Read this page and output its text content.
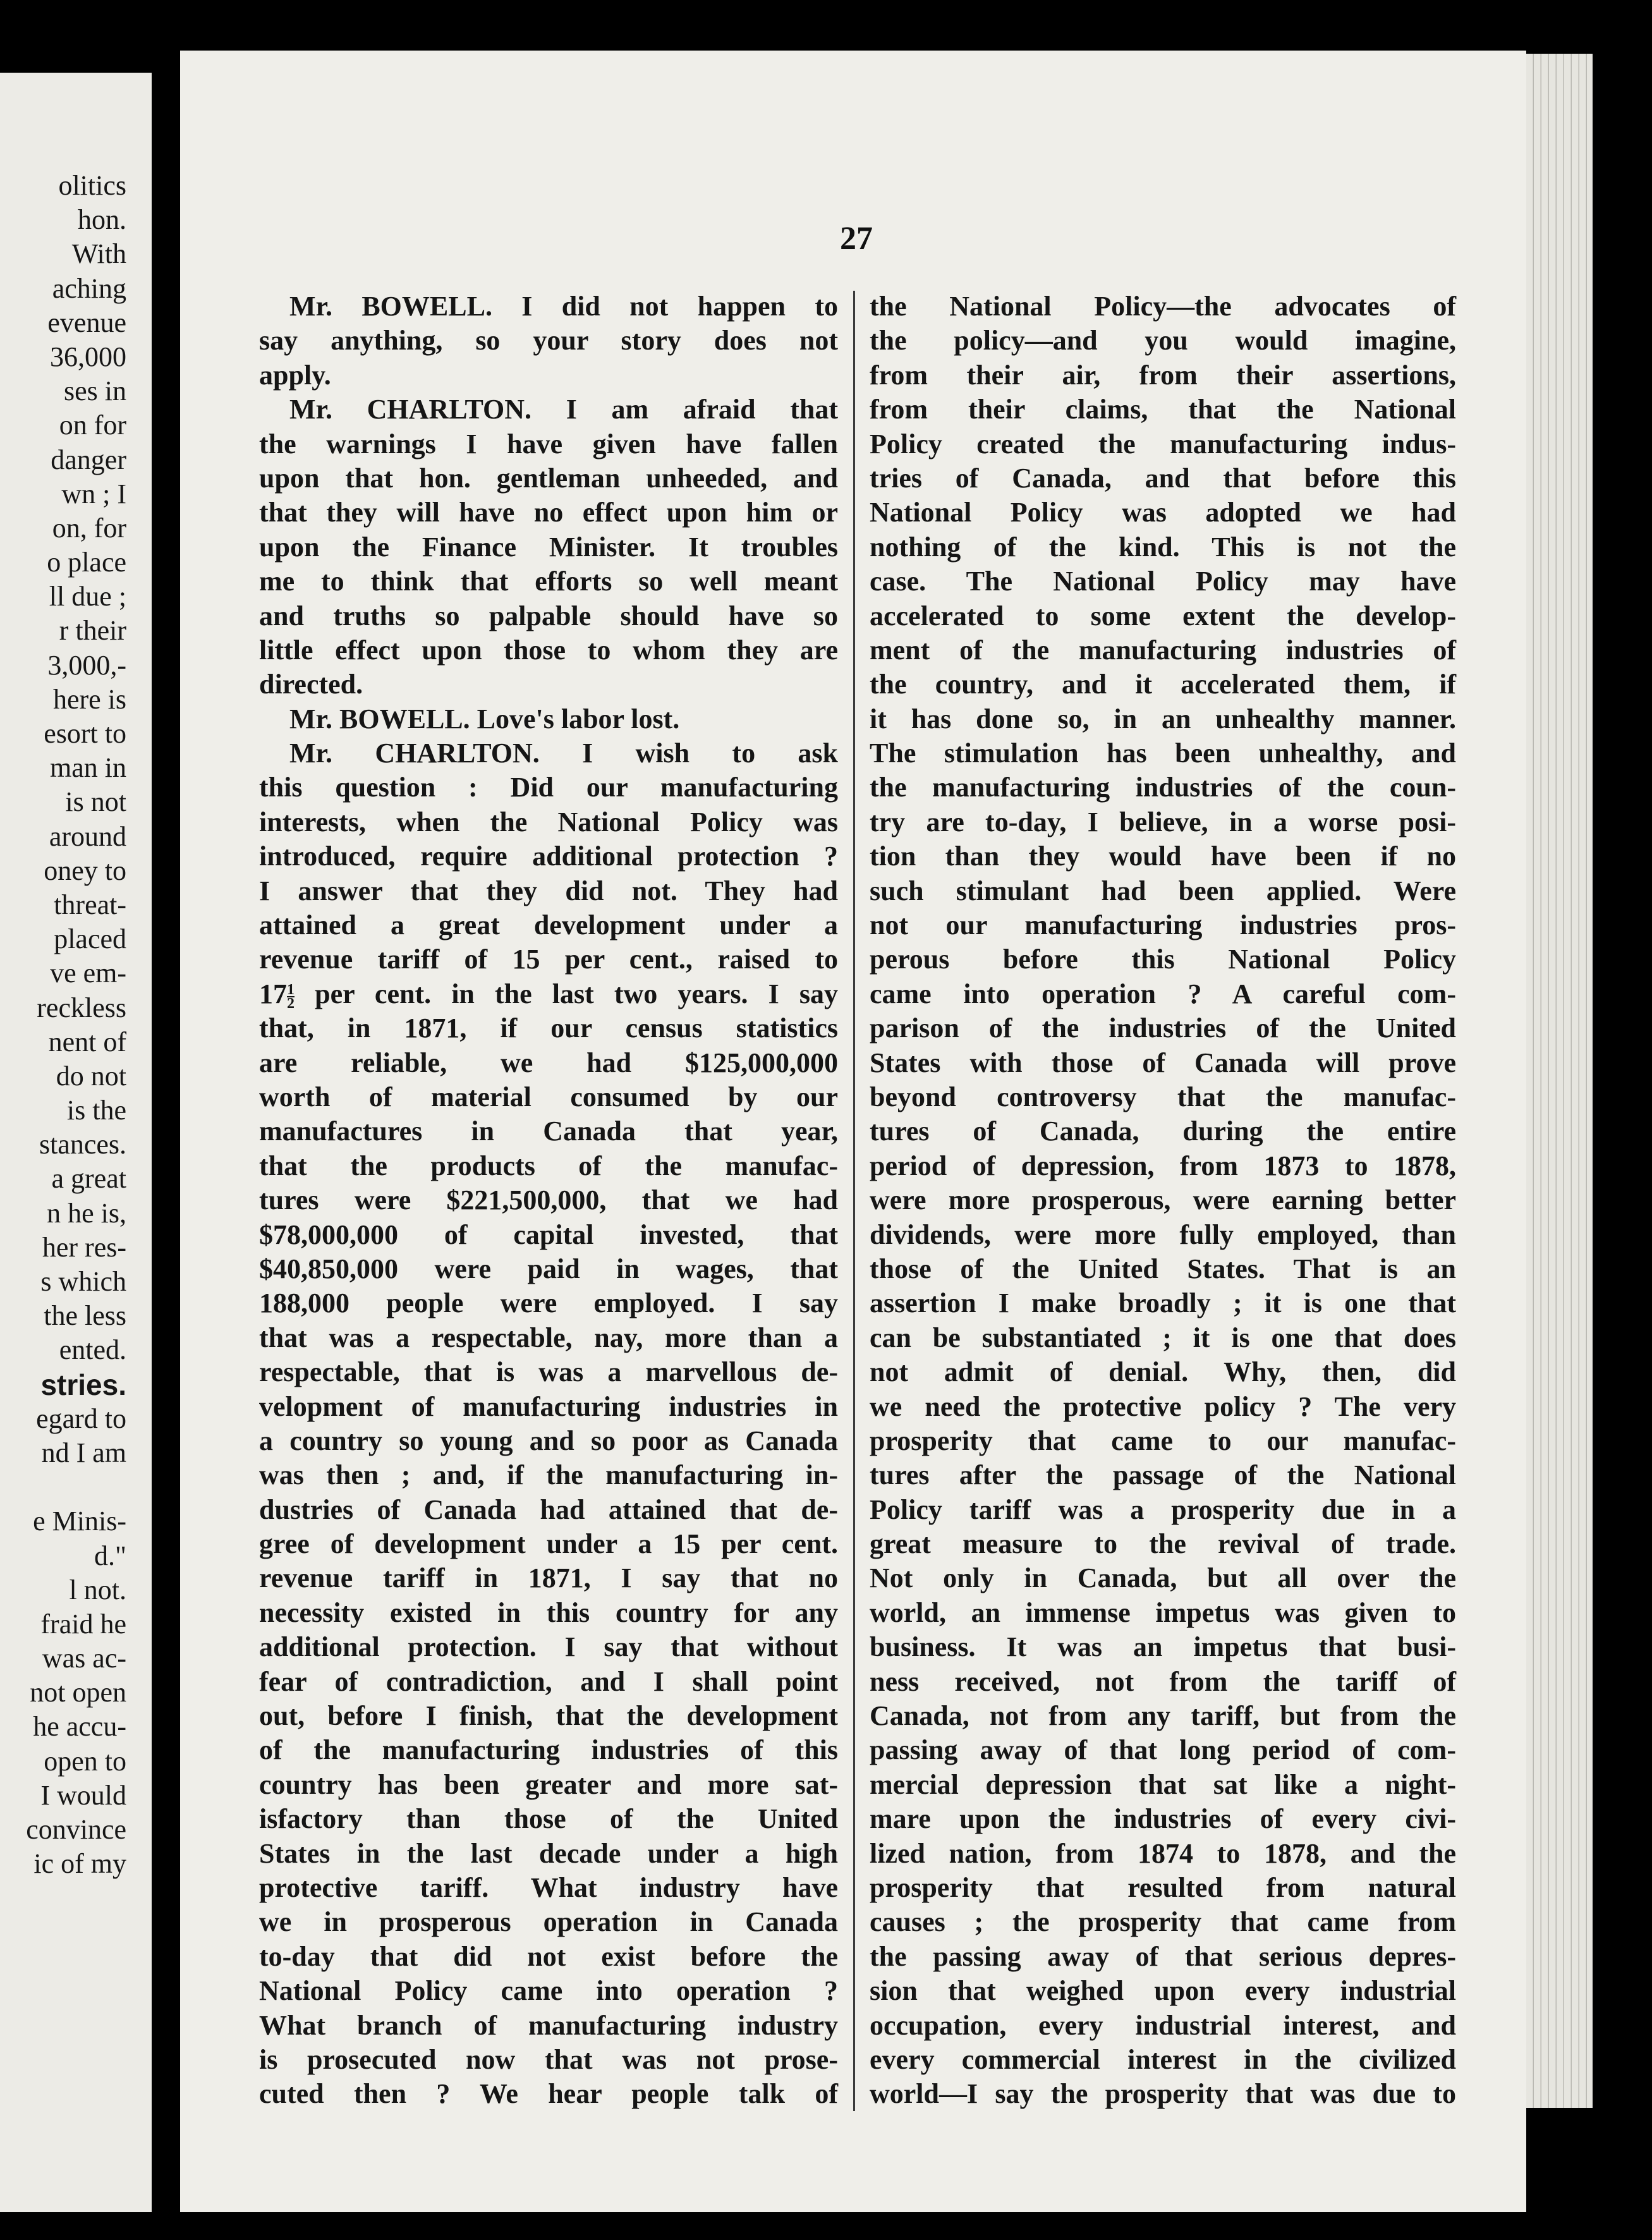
olitics
hon.
With
aching
evenue
36,000
ses in
on for
danger
wn ; I
on, for
o place
ll due ;
r their
3,000,-
here is
esort to
man in
is not
around
oney to
threat-
placed
ve em-
reckless
nent of
do not
is the
stances.
a great
n he is,
her res-
s which
the less
ented.
stries.
egard to
nd I am
e Minis-
d."
l not.
fraid he
was ac-
not open
he accu-
open to
I would
convince
ic of my
27
Mr. BOWELL. I did not happen to
say anything, so your story does not
apply.
Mr. CHARLTON. I am afraid that
the warnings I have given have fallen
upon that hon. gentleman unheeded, and
that they will have no effect upon him or
upon the Finance Minister. It troubles
me to think that efforts so well meant
and truths so palpable should have so
little effect upon those to whom they are
directed.
Mr. BOWELL. Love's labor lost.
Mr. CHARLTON. I wish to ask
this question : Did our manufacturing
interests, when the National Policy was
introduced, require additional protection ?
I answer that they did not. They had
attained a great development under a
revenue tariff of 15 per cent., raised to
$17 \frac{1}{2}$ per cent. in the last two years. I say
that, in 1871, if our census statistics
are reliable, we had $125,000,000
worth of material consumed by our
manufactures in Canada that year,
that the products of the manufac-
tures were $221,500,000, that we had
$78,000,000 of capital invested, that
$40,850,000 were paid in wages, that
188,000 people were employed. I say
that was a respectable, nay, more than a
respectable, that is was a marvellous de-
velopment of manufacturing industries in
a country so young and so poor as Canada
was then ; and, if the manufacturing in-
dustries of Canada had attained that de-
gree of development under a 15 per cent.
revenue tariff in 1871, I say that no
necessity existed in this country for any
additional protection. I say that without
fear of contradiction, and I shall point
out, before I finish, that the development
of the manufacturing industries of this
country has been greater and more sat-
isfactory than those of the United
States in the last decade under a high
protective tariff. What industry have
we in prosperous operation in Canada
to-day that did not exist before the
National Policy came into operation ?
What branch of manufacturing industry
is prosecuted now that was not prose-
cuted then ? We hear people talk of
the National Policy—the advocates of
the policy—and you would imagine,
from their air, from their assertions,
from their claims, that the National
Policy created the manufacturing indus-
tries of Canada, and that before this
National Policy was adopted we had
nothing of the kind. This is not the
case. The National Policy may have
accelerated to some extent the develop-
ment of the manufacturing industries of
the country, and it accelerated them, if
it has done so, in an unhealthy manner.
The stimulation has been unhealthy, and
the manufacturing industries of the coun-
try are to-day, I believe, in a worse posi-
tion than they would have been if no
such stimulant had been applied. Were
not our manufacturing industries pros-
perous before this National Policy
came into operation ? A careful com-
parison of the industries of the United
States with those of Canada will prove
beyond controversy that the manufac-
tures of Canada, during the entire
period of depression, from 1873 to 1878,
were more prosperous, were earning better
dividends, were more fully employed, than
those of the United States. That is an
assertion I make broadly ; it is one that
can be substantiated ; it is one that does
not admit of denial. Why, then, did
we need the protective policy ? The very
prosperity that came to our manufac-
tures after the passage of the National
Policy tariff was a prosperity due in a
great measure to the revival of trade.
Not only in Canada, but all over the
world, an immense impetus was given to
business. It was an impetus that busi-
ness received, not from the tariff of
Canada, not from any tariff, but from the
passing away of that long period of com-
mercial depression that sat like a night-
mare upon the industries of every civi-
lized nation, from 1874 to 1878, and the
prosperity that resulted from natural
causes ; the prosperity that came from
the passing away of that serious depres-
sion that weighed upon every industrial
occupation, every industrial interest, and
every commercial interest in the civilized
world—I say the prosperity that was due to
